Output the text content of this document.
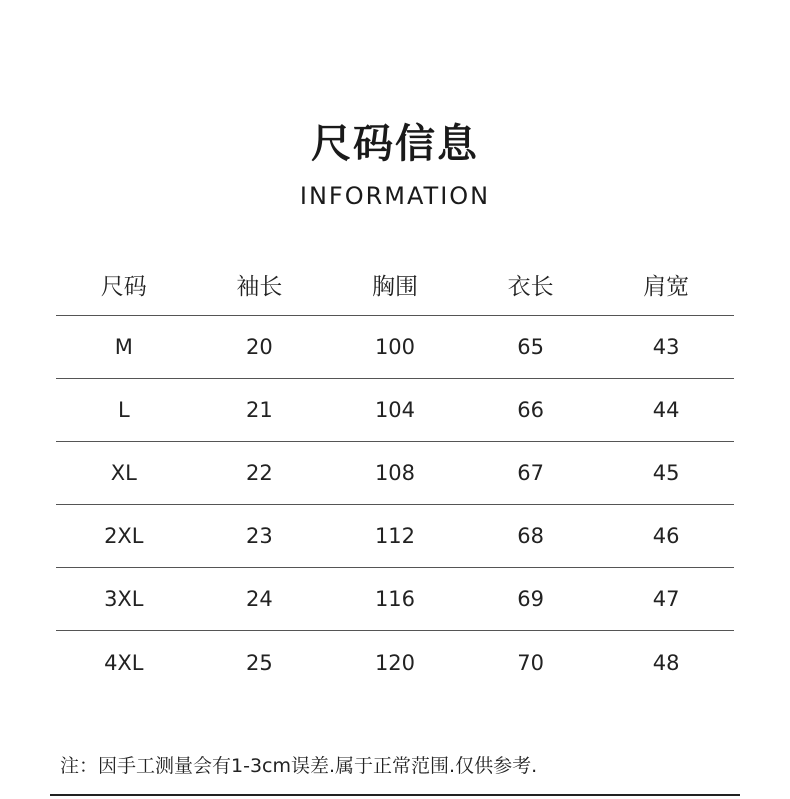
尺码信息
INFORMATION
尺码	袖长	胸围	衣长	肩宽
M	20	100	65	43
L	21	104	66	44
XL	22	108	67	45
2XL	23	112	68	46
3XL	24	116	69	47
4XL	25	120	70	48
注：因手工测量会有1-3cm误差.属于正常范围.仅供参考.
